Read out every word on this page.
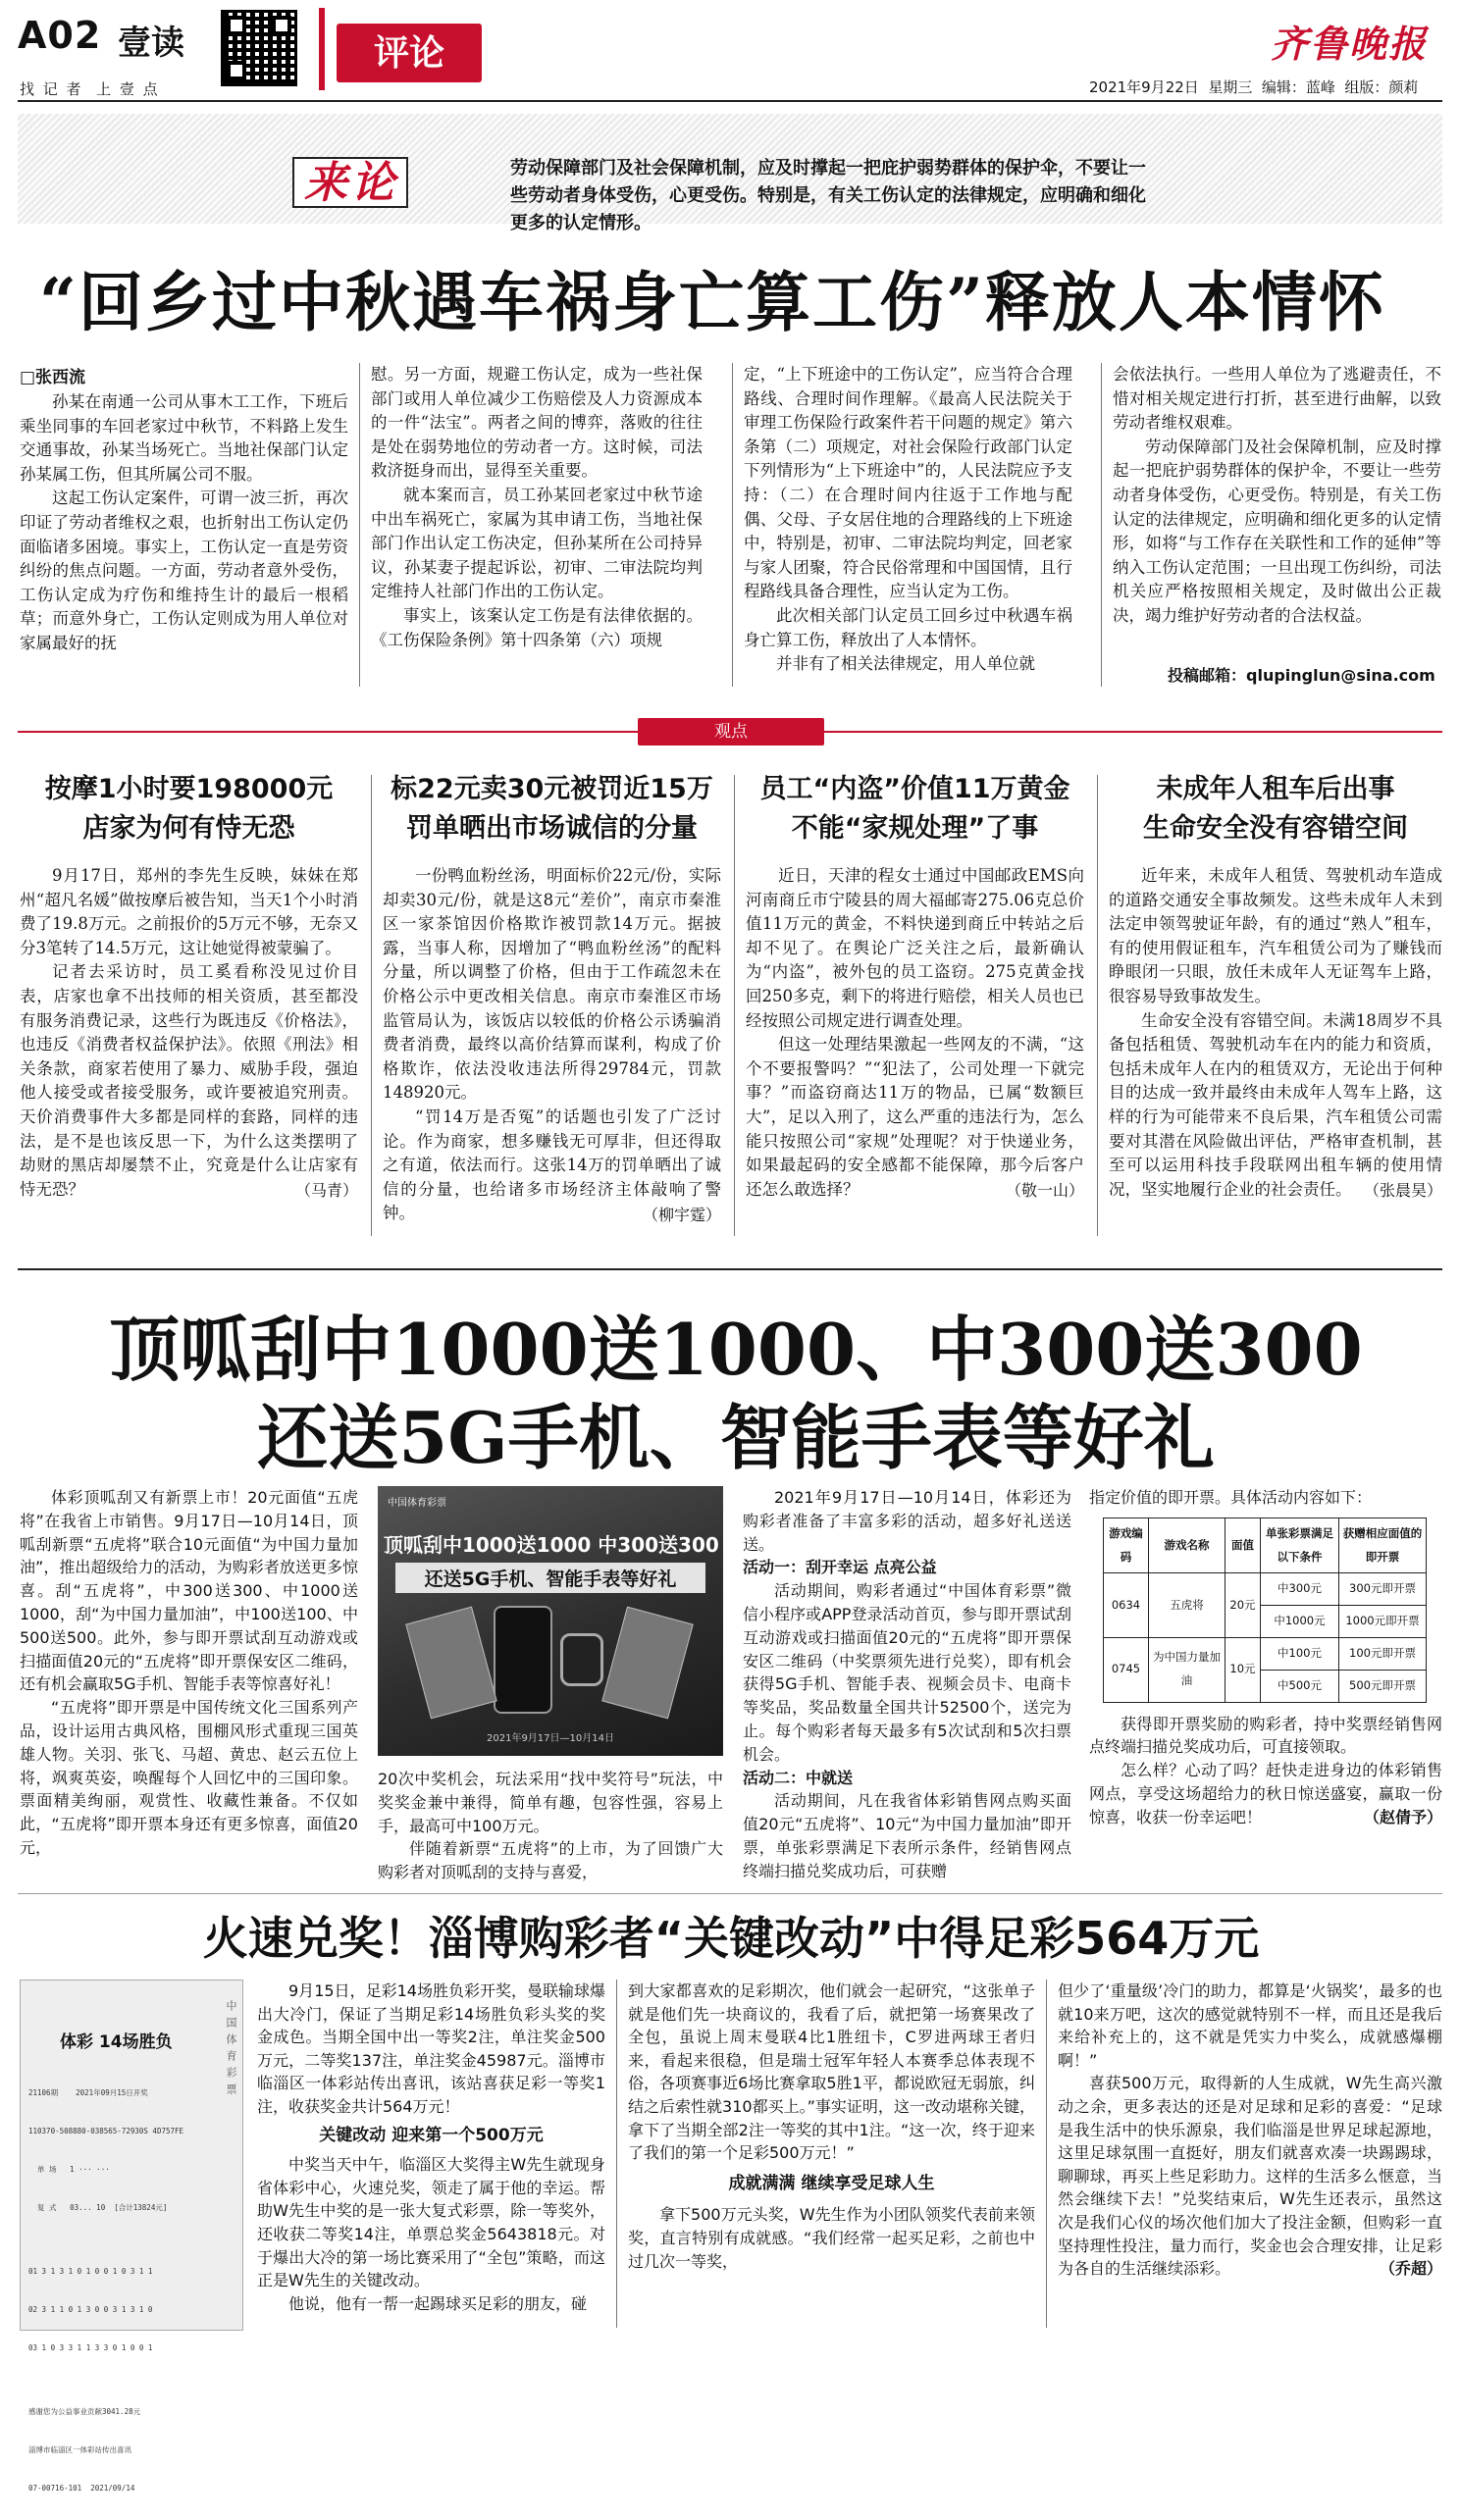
A02 壹读
找 记 者  上 壹 点
评论	齐鲁晚报
2021年9月22日  星期三  编辑：蓝峰  组版：颜莉
来论	劳动保障部门及社会保障机制，应及时撑起一把庇护弱势群体的保护伞，不要让一些劳动者身体受伤，心更受伤。特别是，有关工伤认定的法律规定，应明确和细化更多的认定情形。
“回乡过中秋遇车祸身亡算工伤”释放人本情怀
□张西流

孙某在南通一公司从事木工工作，下班后乘坐同事的车回老家过中秋节，不料路上发生交通事故，孙某当场死亡。当地社保部门认定孙某属工伤，但其所属公司不服。

这起工伤认定案件，可谓一波三折，再次印证了劳动者维权之艰，也折射出工伤认定仍面临诸多困境。事实上，工伤认定一直是劳资纠纷的焦点问题。一方面，劳动者意外受伤，工伤认定成为疗伤和维持生计的最后一根稻草；而意外身亡，工伤认定则成为用人单位对家属最好的抚

慰。另一方面，规避工伤认定，成为一些社保部门或用人单位减少工伤赔偿及人力资源成本的一件“法宝”。两者之间的博弈，落败的往往是处在弱势地位的劳动者一方。这时候，司法救济挺身而出，显得至关重要。

就本案而言，员工孙某回老家过中秋节途中出车祸死亡，家属为其申请工伤，当地社保部门作出认定工伤决定，但孙某所在公司持异议，孙某妻子提起诉讼，初审、二审法院均判定维持人社部门作出的工伤认定。

事实上，该案认定工伤是有法律依据的。《工伤保险条例》第十四条第（六）项规

定，“上下班途中的工伤认定”，应当符合合理路线、合理时间作理解。《最高人民法院关于审理工伤保险行政案件若干问题的规定》第六条第（二）项规定，对社会保险行政部门认定下列情形为“上下班途中”的，人民法院应予支持：（二）在合理时间内往返于工作地与配偶、父母、子女居住地的合理路线的上下班途中，特别是，初审、二审法院均判定，回老家与家人团聚，符合民俗常理和中国国情，且行程路线具备合理性，应当认定为工伤。

此次相关部门认定员工回乡过中秋遇车祸身亡算工伤，释放出了人本情怀。

并非有了相关法律规定，用人单位就

会依法执行。一些用人单位为了逃避责任，不惜对相关规定进行打折，甚至进行曲解，以致劳动者维权艰难。

劳动保障部门及社会保障机制，应及时撑起一把庇护弱势群体的保护伞，不要让一些劳动者身体受伤，心更受伤。特别是，有关工伤认定的法律规定，应明确和细化更多的认定情形，如将“与工作存在关联性和工作的延伸”等纳入工伤认定范围；一旦出现工伤纠纷，司法机关应严格按照相关规定，及时做出公正裁决，竭力维护好劳动者的合法权益。

投稿邮箱：qlupinglun@sina.com
观点
按摩1小时要198000元
店家为何有恃无恐

9月17日，郑州的李先生反映，妹妹在郑州“超凡名媛”做按摩后被告知，当天1个小时消费了19.8万元。之前报价的5万元不够，无奈又分3笔转了14.5万元，这让她觉得被蒙骗了。

记者去采访时，员工奚看称没见过价目表，店家也拿不出技师的相关资质，甚至都没有服务消费记录，这些行为既违反《价格法》，也违反《消费者权益保护法》。依照《刑法》相关条款，商家若使用了暴力、威胁手段，强迫他人接受或者接受服务，或许要被追究刑责。天价消费事件大多都是同样的套路，同样的违法，是不是也该反思一下，为什么这类摆明了劫财的黑店却屡禁不止，究竟是什么让店家有恃无恐？	（马青）
标22元卖30元被罚近15万
罚单晒出市场诚信的分量

一份鸭血粉丝汤，明面标价22元/份，实际却卖30元/份，就是这8元“差价”，南京市秦淮区一家茶馆因价格欺诈被罚款14万元。据披露，当事人称，因增加了“鸭血粉丝汤”的配料分量，所以调整了价格，但由于工作疏忽未在价格公示中更改相关信息。南京市秦淮区市场监管局认为，该饭店以较低的价格公示诱骗消费者消费，最终以高价结算而谋利，构成了价格欺诈，依法没收违法所得29784元，罚款148920元。

“罚14万是否冤”的话题也引发了广泛讨论。作为商家，想多赚钱无可厚非，但还得取之有道，依法而行。这张14万的罚单晒出了诚信的分量，也给诸多市场经济主体敲响了警钟。	（柳宇霆）
员工“内盗”价值11万黄金
不能“家规处理”了事

近日，天津的程女士通过中国邮政EMS向河南商丘市宁陵县的周大福邮寄275.06克总价值11万元的黄金，不料快递到商丘中转站之后却不见了。在舆论广泛关注之后，最新确认为“内盗”，被外包的员工盗窃。275克黄金找回250多克，剩下的将进行赔偿，相关人员也已经按照公司规定进行调查处理。

但这一处理结果激起一些网友的不满，“这个不要报警吗？”“犯法了，公司处理一下就完事？”而盗窃商达11万的物品，已属“数额巨大”，足以入刑了，这么严重的违法行为，怎么能只按照公司“家规”处理呢？对于快递业务，如果最起码的安全感都不能保障，那今后客户还怎么敢选择？	（敬一山）
未成年人租车后出事
生命安全没有容错空间

近年来，未成年人租赁、驾驶机动车造成的道路交通安全事故频发。这些未成年人未到法定申领驾驶证年龄，有的通过“熟人”租车，有的使用假证租车，汽车租赁公司为了赚钱而睁眼闭一只眼，放任未成年人无证驾车上路，很容易导致事故发生。

生命安全没有容错空间。未满18周岁不具备包括租赁、驾驶机动车在内的能力和资质，包括未成年人在内的租赁双方，无论出于何种目的达成一致并最终由未成年人驾车上路，这样的行为可能带来不良后果，汽车租赁公司需要对其潜在风险做出评估，严格审查机制，甚至可以运用科技手段联网出租车辆的使用情况，坚实地履行企业的社会责任。 （张晨昊）
顶呱刮中1000送1000、中300送300
还送5G手机、智能手表等好礼

体彩顶呱刮又有新票上市！20元面值“五虎将”在我省上市销售。9月17日—10月14日，顶呱刮新票“五虎将”联合10元面值“为中国力量加油”，推出超级给力的活动，为购彩者放送更多惊喜。刮“五虎将”，中300送300、中1000送1000，刮“为中国力量加油”，中100送100、中500送500。此外，参与即开票试刮互动游戏或扫描面值20元的“五虎将”即开票保安区二维码，还有机会赢取5G手机、智能手表等惊喜好礼！

“五虎将”即开票是中国传统文化三国系列产品，设计运用古典风格，围棚风形式重现三国英雄人物。关羽、张飞、马超、黄忠、赵云五位上将，飒爽英姿，唤醒每个人回忆中的三国印象。票面精美绚丽，观赏性、收藏性兼备。不仅如此，“五虎将”即开票本身还有更多惊喜，面值20元，

中国体育彩票
顶呱刮中1000送1000 中300送300
还送5G手机、智能手表等好礼
2021年9月17日—10月14日

20次中奖机会，玩法采用“找中奖符号”玩法，中奖奖金兼中兼得，简单有趣，包容性强，容易上手，最高可中100万元。

伴随着新票“五虎将”的上市，为了回馈广大购彩者对顶呱刮的支持与喜爱，

2021年9月17日—10月14日，体彩还为购彩者准备了丰富多彩的活动，超多好礼送送送。

活动一：刮开幸运 点亮公益

活动期间，购彩者通过“中国体育彩票”微信小程序或APP登录活动首页，参与即开票试刮互动游戏或扫描面值20元的“五虎将”即开票保安区二维码（中奖票须先进行兑奖），即有机会获得5G手机、智能手表、视频会员卡、电商卡等奖品，奖品数量全国共计52500个，送完为止。每个购彩者每天最多有5次试刮和5次扫票机会。

活动二：中就送

活动期间，凡在我省体彩销售网点购买面值20元“五虎将”、10元“为中国力量加油”即开票，单张彩票满足下表所示条件，经销售网点终端扫描兑奖成功后，可获赠

指定价值的即开票。具体活动内容如下：

游戏编码	游戏名称	面值	单张彩票满足以下条件	获赠相应面值的即开票
0634	五虎将	20元	中300元	300元即开票
			中1000元	1000元即开票
0745	为中国力量加油	10元	中100元	100元即开票
			中500元	500元即开票

获得即开票奖励的购彩者，持中奖票经销售网点终端扫描兑奖成功后，可直接领取。

怎么样？心动了吗？赶快走进身边的体彩销售网点，享受这场超给力的秋日惊送盛宴，赢取一份惊喜，收获一份幸运吧！	（赵倩予）
火速兑奖！淄博购彩者“关键改动”中得足彩564万元
中国体育彩票
体彩 14场胜负

21106期    2021年09月15日开奖

110370-508880-038565-72930S 4D757FE

单 场   1 ··· ···

复 式   03... 10  [合计13824元]

01 3 1 3 1 0 1 0 0 1 0 3 1 1

02 3 1 1 0 1 3 0 0 3 1 3 1 0

03 1 0 3 3 1 1 3 3 0 1 0 0 1

感谢您为公益事业贡献3041.28元

淄博市临淄区一体彩站传出喜讯

07-00716-101  2021/09/14

9月15日，足彩14场胜负彩开奖，曼联输球爆出大冷门，保证了当期足彩14场胜负彩头奖的奖金成色。当期全国中出一等奖2注，单注奖金500万元，二等奖137注，单注奖金45987元。淄博市临淄区一体彩站传出喜讯，该站喜获足彩一等奖1注，收获奖金共计564万元！

关键改动 迎来第一个500万元

中奖当天中午，临淄区大奖得主W先生就现身省体彩中心，火速兑奖，领走了属于他的幸运。帮助W先生中奖的是一张大复式彩票，除一等奖外，还收获二等奖14注，单票总奖金5643818元。对于爆出大冷的第一场比赛采用了“全包”策略，而这正是W先生的关键改动。

他说，他有一帮一起踢球买足彩的朋友，碰

到大家都喜欢的足彩期次，他们就会一起研究，“这张单子就是他们先一块商议的，我看了后，就把第一场赛果改了全包，虽说上周末曼联4比1胜纽卡，C罗进两球王者归来，看起来很稳，但是瑞士冠军年轻人本赛季总体表现不俗，各项赛事近6场比赛拿取5胜1平，都说欧冠无弱旅，纠结之后索性就310都买上。”事实证明，这一改动堪称关键，拿下了当期全部2注一等奖的其中1注。“这一次，终于迎来了我们的第一个足彩500万元！”

成就满满 继续享受足球人生

拿下500万元头奖，W先生作为小团队领奖代表前来领奖，直言特别有成就感。“我们经常一起买足彩，之前也中过几次一等奖，

但少了‘重量级’冷门的助力，都算是‘火锅奖’，最多的也就10来万吧，这次的感觉就特别不一样，而且还是我后来给补充上的，这不就是凭实力中奖么，成就感爆棚啊！”

喜获500万元，取得新的人生成就，W先生高兴激动之余，更多表达的还是对足球和足彩的喜爱：“足球是我生活中的快乐源泉，我们临淄是世界足球起源地，这里足球氛围一直挺好，朋友们就喜欢凑一块踢踢球，聊聊球，再买上些足彩助力。这样的生活多么惬意，当然会继续下去！”兑奖结束后，W先生还表示，虽然这次是我们心仪的场次他们加大了投注金额，但购彩一直坚持理性投注，量力而行，奖金也会合理安排，让足彩为各自的生活继续添彩。	（乔超）
